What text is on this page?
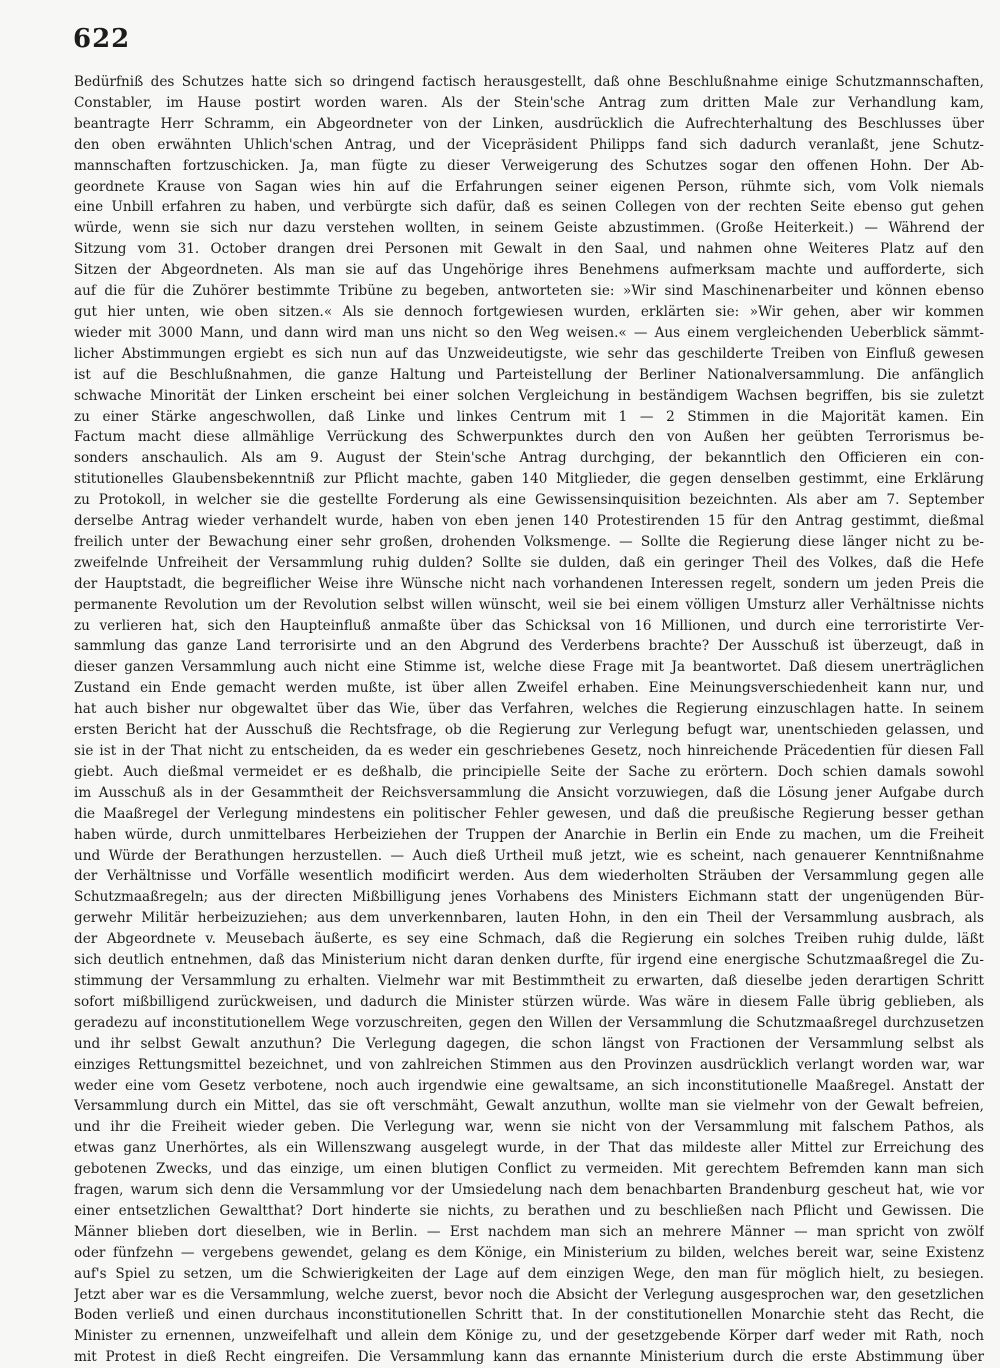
622
Bedürfniß des Schutzes hatte sich so dringend factisch herausgestellt, daß ohne Beschlußnahme einige Schutzmannschaften,
Constabler, im Hause postirt worden waren. Als der Stein'sche Antrag zum dritten Male zur Verhandlung kam,
beantragte Herr Schramm, ein Abgeordneter von der Linken, ausdrücklich die Aufrechterhaltung des Beschlusses über
den oben erwähnten Uhlich'schen Antrag, und der Vicepräsident Philipps fand sich dadurch veranlaßt, jene Schutz-
mannschaften fortzuschicken. Ja, man fügte zu dieser Verweigerung des Schutzes sogar den offenen Hohn. Der Ab-
geordnete Krause von Sagan wies hin auf die Erfahrungen seiner eigenen Person, rühmte sich, vom Volk niemals
eine Unbill erfahren zu haben, und verbürgte sich dafür, daß es seinen Collegen von der rechten Seite ebenso gut gehen
würde, wenn sie sich nur dazu verstehen wollten, in seinem Geiste abzustimmen. (Große Heiterkeit.) — Während der
Sitzung vom 31. October drangen drei Personen mit Gewalt in den Saal, und nahmen ohne Weiteres Platz auf den
Sitzen der Abgeordneten. Als man sie auf das Ungehörige ihres Benehmens aufmerksam machte und aufforderte, sich
auf die für die Zuhörer bestimmte Tribüne zu begeben, antworteten sie: »Wir sind Maschinenarbeiter und können ebenso
gut hier unten, wie oben sitzen.« Als sie dennoch fortgewiesen wurden, erklärten sie: »Wir gehen, aber wir kommen
wieder mit 3000 Mann, und dann wird man uns nicht so den Weg weisen.« — Aus einem vergleichenden Ueberblick sämmt-
licher Abstimmungen ergiebt es sich nun auf das Unzweideutigste, wie sehr das geschilderte Treiben von Einfluß gewesen
ist auf die Beschlußnahmen, die ganze Haltung und Parteistellung der Berliner Nationalversammlung. Die anfänglich
schwache Minorität der Linken erscheint bei einer solchen Vergleichung in beständigem Wachsen begriffen, bis sie zuletzt
zu einer Stärke angeschwollen, daß Linke und linkes Centrum mit 1 — 2 Stimmen in die Majorität kamen. Ein
Factum macht diese allmählige Verrückung des Schwerpunktes durch den von Außen her geübten Terrorismus be-
sonders anschaulich. Als am 9. August der Stein'sche Antrag durchging, der bekanntlich den Officieren ein con-
stitutionelles Glaubensbekenntniß zur Pflicht machte, gaben 140 Mitglieder, die gegen denselben gestimmt, eine Erklärung
zu Protokoll, in welcher sie die gestellte Forderung als eine Gewissensinquisition bezeichnten. Als aber am 7. September
derselbe Antrag wieder verhandelt wurde, haben von eben jenen 140 Protestirenden 15 für den Antrag gestimmt, dießmal
freilich unter der Bewachung einer sehr großen, drohenden Volksmenge. — Sollte die Regierung diese länger nicht zu be-
zweifelnde Unfreiheit der Versammlung ruhig dulden? Sollte sie dulden, daß ein geringer Theil des Volkes, daß die Hefe
der Hauptstadt, die begreiflicher Weise ihre Wünsche nicht nach vorhandenen Interessen regelt, sondern um jeden Preis die
permanente Revolution um der Revolution selbst willen wünscht, weil sie bei einem völligen Umsturz aller Verhältnisse nichts
zu verlieren hat, sich den Haupteinfluß anmaßte über das Schicksal von 16 Millionen, und durch eine terroristirte Ver-
sammlung das ganze Land terrorisirte und an den Abgrund des Verderbens brachte? Der Ausschuß ist überzeugt, daß in
dieser ganzen Versammlung auch nicht eine Stimme ist, welche diese Frage mit Ja beantwortet. Daß diesem unerträglichen
Zustand ein Ende gemacht werden mußte, ist über allen Zweifel erhaben. Eine Meinungsverschiedenheit kann nur, und
hat auch bisher nur obgewaltet über das Wie, über das Verfahren, welches die Regierung einzuschlagen hatte. In seinem
ersten Bericht hat der Ausschuß die Rechtsfrage, ob die Regierung zur Verlegung befugt war, unentschieden gelassen, und
sie ist in der That nicht zu entscheiden, da es weder ein geschriebenes Gesetz, noch hinreichende Präcedentien für diesen Fall
giebt. Auch dießmal vermeidet er es deßhalb, die principielle Seite der Sache zu erörtern. Doch schien damals sowohl
im Ausschuß als in der Gesammtheit der Reichsversammlung die Ansicht vorzuwiegen, daß die Lösung jener Aufgabe durch
die Maaßregel der Verlegung mindestens ein politischer Fehler gewesen, und daß die preußische Regierung besser gethan
haben würde, durch unmittelbares Herbeiziehen der Truppen der Anarchie in Berlin ein Ende zu machen, um die Freiheit
und Würde der Berathungen herzustellen. — Auch dieß Urtheil muß jetzt, wie es scheint, nach genauerer Kenntnißnahme
der Verhältnisse und Vorfälle wesentlich modificirt werden. Aus dem wiederholten Sträuben der Versammlung gegen alle
Schutzmaaßregeln; aus der directen Mißbilligung jenes Vorhabens des Ministers Eichmann statt der ungenügenden Bür-
gerwehr Militär herbeizuziehen; aus dem unverkennbaren, lauten Hohn, in den ein Theil der Versammlung ausbrach, als
der Abgeordnete v. Meusebach äußerte, es sey eine Schmach, daß die Regierung ein solches Treiben ruhig dulde, läßt
sich deutlich entnehmen, daß das Ministerium nicht daran denken durfte, für irgend eine energische Schutzmaaßregel die Zu-
stimmung der Versammlung zu erhalten. Vielmehr war mit Bestimmtheit zu erwarten, daß dieselbe jeden derartigen Schritt
sofort mißbilligend zurückweisen, und dadurch die Minister stürzen würde. Was wäre in diesem Falle übrig geblieben, als
geradezu auf inconstitutionellem Wege vorzuschreiten, gegen den Willen der Versammlung die Schutzmaaßregel durchzusetzen
und ihr selbst Gewalt anzuthun? Die Verlegung dagegen, die schon längst von Fractionen der Versammlung selbst als
einziges Rettungsmittel bezeichnet, und von zahlreichen Stimmen aus den Provinzen ausdrücklich verlangt worden war, war
weder eine vom Gesetz verbotene, noch auch irgendwie eine gewaltsame, an sich inconstitutionelle Maaßregel. Anstatt der
Versammlung durch ein Mittel, das sie oft verschmäht, Gewalt anzuthun, wollte man sie vielmehr von der Gewalt befreien,
und ihr die Freiheit wieder geben. Die Verlegung war, wenn sie nicht von der Versammlung mit falschem Pathos, als
etwas ganz Unerhörtes, als ein Willenszwang ausgelegt wurde, in der That das mildeste aller Mittel zur Erreichung des
gebotenen Zwecks, und das einzige, um einen blutigen Conflict zu vermeiden. Mit gerechtem Befremden kann man sich
fragen, warum sich denn die Versammlung vor der Umsiedelung nach dem benachbarten Brandenburg gescheut hat, wie vor
einer entsetzlichen Gewaltthat? Dort hinderte sie nichts, zu berathen und zu beschließen nach Pflicht und Gewissen. Die
Männer blieben dort dieselben, wie in Berlin. — Erst nachdem man sich an mehrere Männer — man spricht von zwölf
oder fünfzehn — vergebens gewendet, gelang es dem Könige, ein Ministerium zu bilden, welches bereit war, seine Existenz
auf's Spiel zu setzen, um die Schwierigkeiten der Lage auf dem einzigen Wege, den man für möglich hielt, zu besiegen.
Jetzt aber war es die Versammlung, welche zuerst, bevor noch die Absicht der Verlegung ausgesprochen war, den gesetzlichen
Boden verließ und einen durchaus inconstitutionellen Schritt that. In der constitutionellen Monarchie steht das Recht, die
Minister zu ernennen, unzweifelhaft und allein dem Könige zu, und der gesetzgebende Körper darf weder mit Rath, noch
mit Protest in dieß Recht eingreifen. Die Versammlung kann das ernannte Ministerium durch die erste Abstimmung über
